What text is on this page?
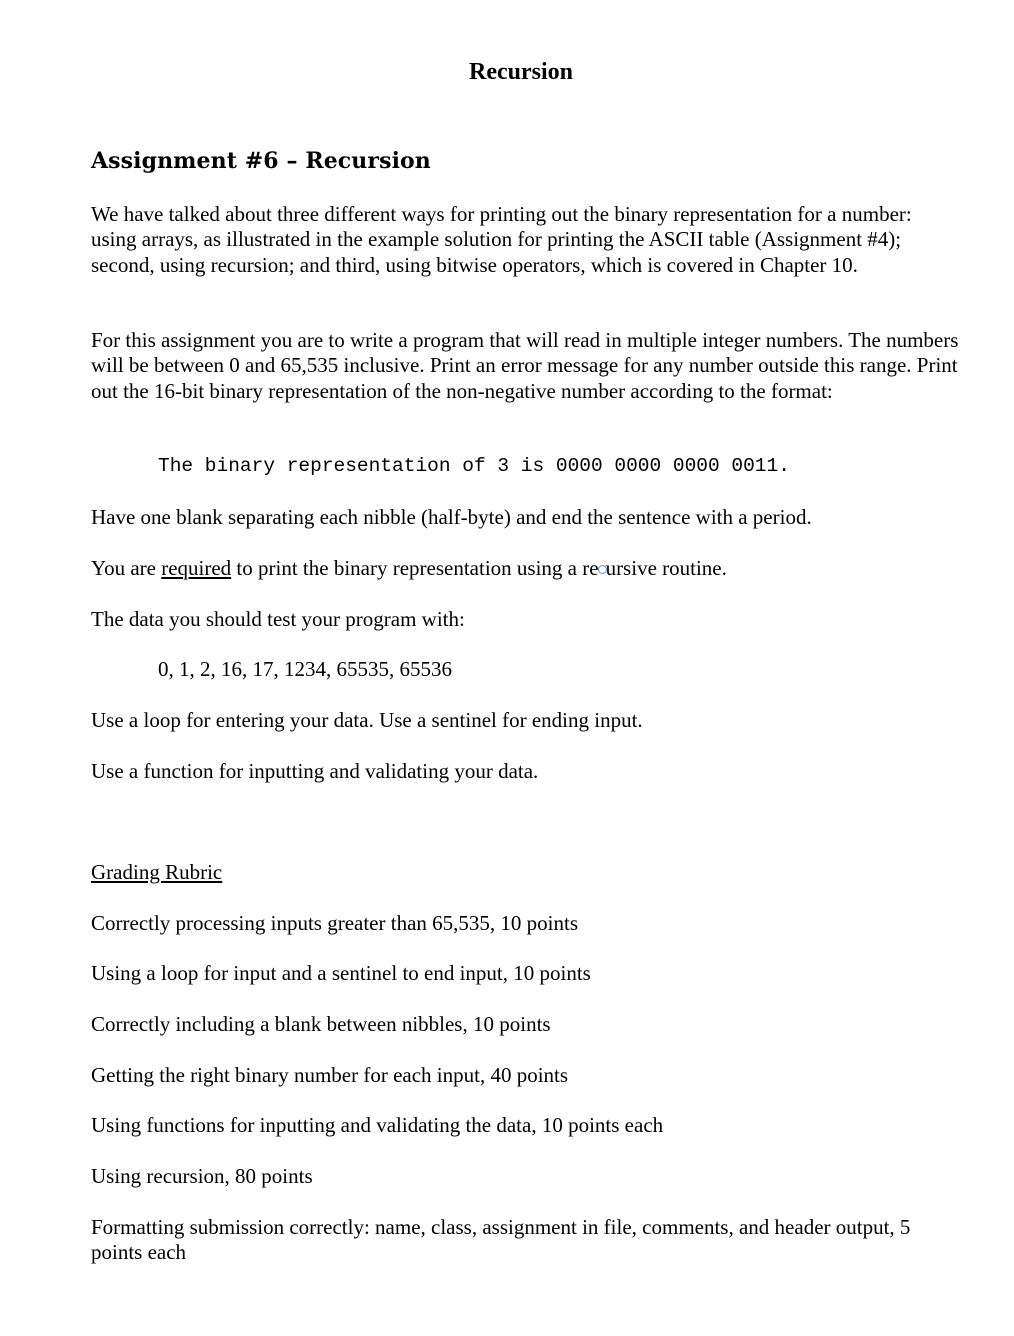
Recursion
Assignment #6 – Recursion
We have talked about three different ways for printing out the binary representation for a number: using arrays, as illustrated in the example solution for printing the ASCII table (Assignment #4); second, using recursion; and third, using bitwise operators, which is covered in Chapter 10.
For this assignment you are to write a program that will read in multiple integer numbers. The numbers will be between 0 and 65,535 inclusive. Print an error message for any number outside this range. Print out the 16-bit binary representation of the non-negative number according to the format:
The binary representation of 3 is 0000 0000 0000 0011.
Have one blank separating each nibble (half-byte) and end the sentence with a period.
You are required to print the binary representation using a re ursive routine.
The data you should test your program with:
0, 1, 2, 16, 17, 1234, 65535, 65536
Use a loop for entering your data. Use a sentinel for ending input.
Use a function for inputting and validating your data.
Grading Rubric
Correctly processing inputs greater than 65,535, 10 points
Using a loop for input and a sentinel to end input, 10 points
Correctly including a blank between nibbles, 10 points
Getting the right binary number for each input, 40 points
Using functions for inputting and validating the data, 10 points each
Using recursion, 80 points
Formatting submission correctly: name, class, assignment in file, comments, and header output, 5 points each
